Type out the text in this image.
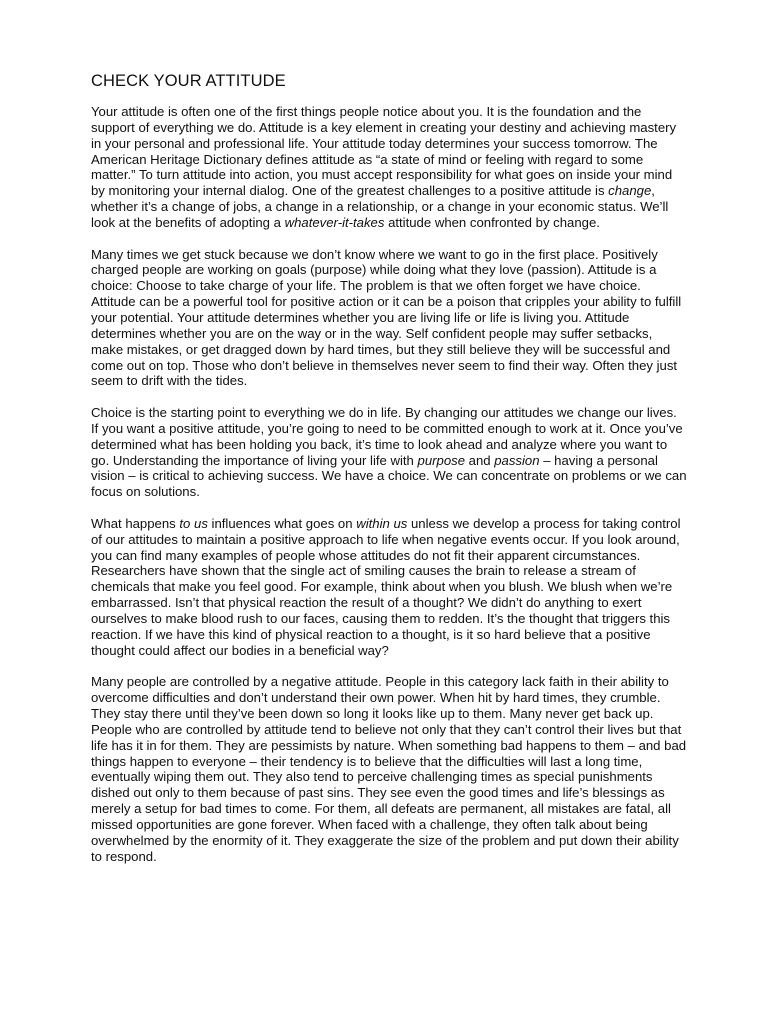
CHECK YOUR ATTITUDE

Your attitude is often one of the first things people notice about you. It is the foundation and the support of everything we do. Attitude is a key element in creating your destiny and achieving mastery in your personal and professional life. Your attitude today determines your success tomorrow. The American Heritage Dictionary defines attitude as “a state of mind or feeling with regard to some matter.” To turn attitude into action, you must accept responsibility for what goes on inside your mind by monitoring your internal dialog. One of the greatest challenges to a positive attitude is change, whether it’s a change of jobs, a change in a relationship, or a change in your economic status. We’ll look at the benefits of adopting a whatever-it-takes attitude when confronted by change.

Many times we get stuck because we don’t know where we want to go in the first place. Positively charged people are working on goals (purpose) while doing what they love (passion). Attitude is a choice: Choose to take charge of your life. The problem is that we often forget we have choice. Attitude can be a powerful tool for positive action or it can be a poison that cripples your ability to fulfill your potential. Your attitude determines whether you are living life or life is living you. Attitude determines whether you are on the way or in the way. Self confident people may suffer setbacks, make mistakes, or get dragged down by hard times, but they still believe they will be successful and come out on top. Those who don’t believe in themselves never seem to find their way. Often they just seem to drift with the tides.

Choice is the starting point to everything we do in life. By changing our attitudes we change our lives. If you want a positive attitude, you’re going to need to be committed enough to work at it. Once you’ve determined what has been holding you back, it’s time to look ahead and analyze where you want to go. Understanding the importance of living your life with purpose and passion – having a personal vision – is critical to achieving success. We have a choice. We can concentrate on problems or we can focus on solutions.

What happens to us influences what goes on within us unless we develop a process for taking control of our attitudes to maintain a positive approach to life when negative events occur. If you look around, you can find many examples of people whose attitudes do not fit their apparent circumstances. Researchers have shown that the single act of smiling causes the brain to release a stream of chemicals that make you feel good. For example, think about when you blush. We blush when we’re embarrassed. Isn’t that physical reaction the result of a thought? We didn’t do anything to exert ourselves to make blood rush to our faces, causing them to redden. It’s the thought that triggers this reaction. If we have this kind of physical reaction to a thought, is it so hard believe that a positive thought could affect our bodies in a beneficial way?

Many people are controlled by a negative attitude. People in this category lack faith in their ability to overcome difficulties and don’t understand their own power. When hit by hard times, they crumble. They stay there until they’ve been down so long it looks like up to them. Many never get back up. People who are controlled by attitude tend to believe not only that they can’t control their lives but that life has it in for them. They are pessimists by nature. When something bad happens to them – and bad things happen to everyone – their tendency is to believe that the difficulties will last a long time, eventually wiping them out. They also tend to perceive challenging times as special punishments dished out only to them because of past sins. They see even the good times and life’s blessings as merely a setup for bad times to come. For them, all defeats are permanent, all mistakes are fatal, all missed opportunities are gone forever. When faced with a challenge, they often talk about being overwhelmed by the enormity of it. They exaggerate the size of the problem and put down their ability to respond.
